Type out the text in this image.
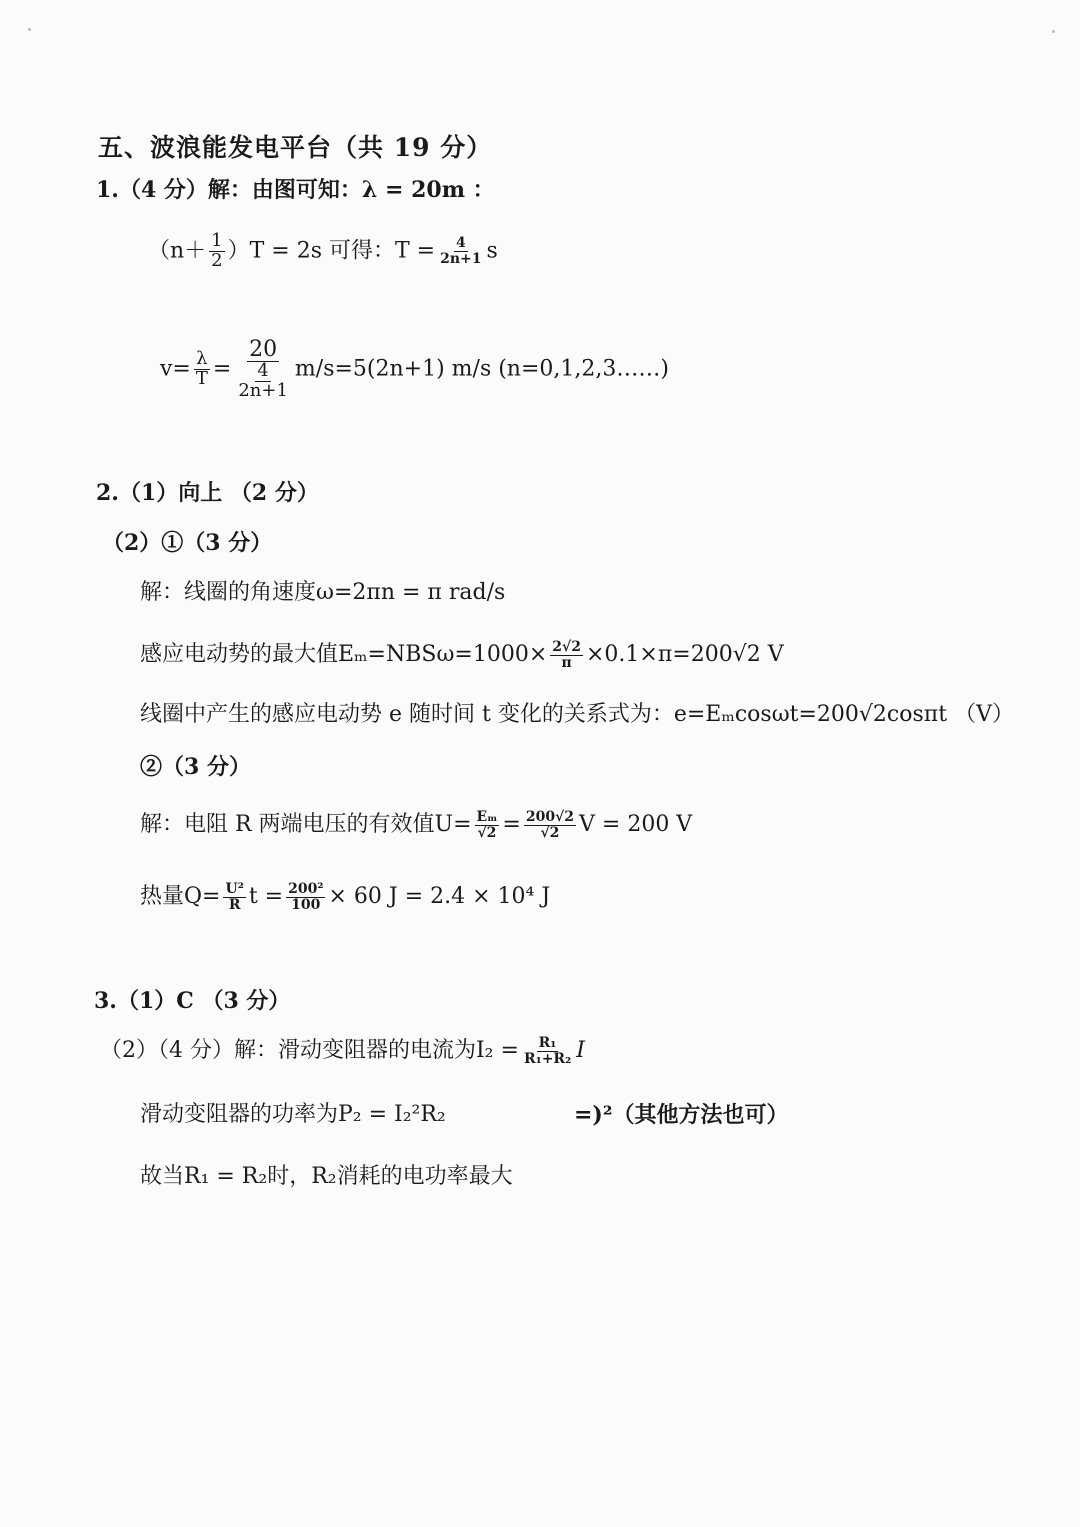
五、波浪能发电平台（共 19 分）
1.（4 分）解：由图可知：λ = 20m ：
$(n+ \frac{1}{2} )T = 2s$ 可得：$T = \frac{4}{2n+1}$ s
$v= \frac{\lambda}{T} = \frac{20}{\frac{4}{2n+1}} m/s=5(2n+1)$ m/s (n=0,1,2,3……)
2.（1）向上 （2 分）
（2）①（3 分）
解：线圈的角速度ω=2πn = π rad/s
感应电动势的最大值$E_m=NBS\omega=1000\times \frac{2√2}{\pi} \times 0.1\times\pi=200√2$ V
线圈中产生的感应电动势 e 随时间 t 变化的关系式为：e=Eₘcosωt=200√2cosπt （V）
②（3 分）
解：电阻 R 两端电压的有效值$U= \frac{\text{Eₘ}}{√2} = \frac{200√2}{√2}$ V = 200 V
热量$Q= \frac{\text{U²}}{R}$ $t = \frac{\text{200²}}{100} \times 60$ J = 2.4 × 10⁴ J
3.（1）C （3 分）
（2）（4 分）解：滑动变阻器的电流为$I_2 = \frac{\text{R₁}}{\text{R₁+R₂}}$ I
滑动变阻器的功率为P₂ = I₂²R₂	=)²（其他方法也可）
故当R₁ = R₂时，R₂消耗的电功率最大
